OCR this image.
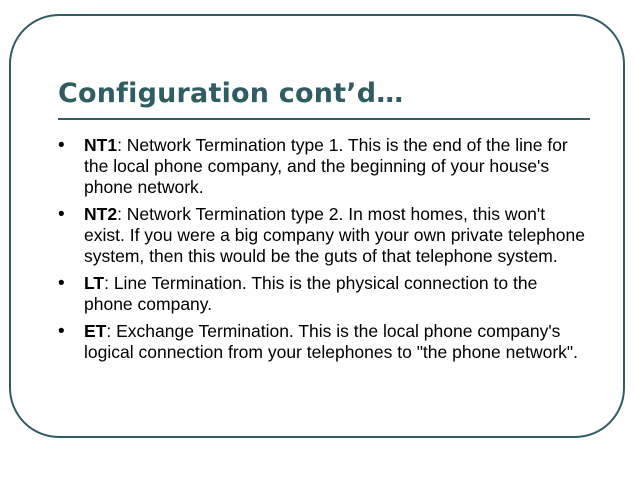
Configuration cont’d…
• NT1: Network Termination type 1. This is the end of the line for the local phone company, and the beginning of your house's phone network.
• NT2: Network Termination type 2. In most homes, this won't exist. If you were a big company with your own private telephone system, then this would be the guts of that telephone system.
• LT: Line Termination. This is the physical connection to the phone company.
• ET: Exchange Termination. This is the local phone company's logical connection from your telephones to "the phone network".
